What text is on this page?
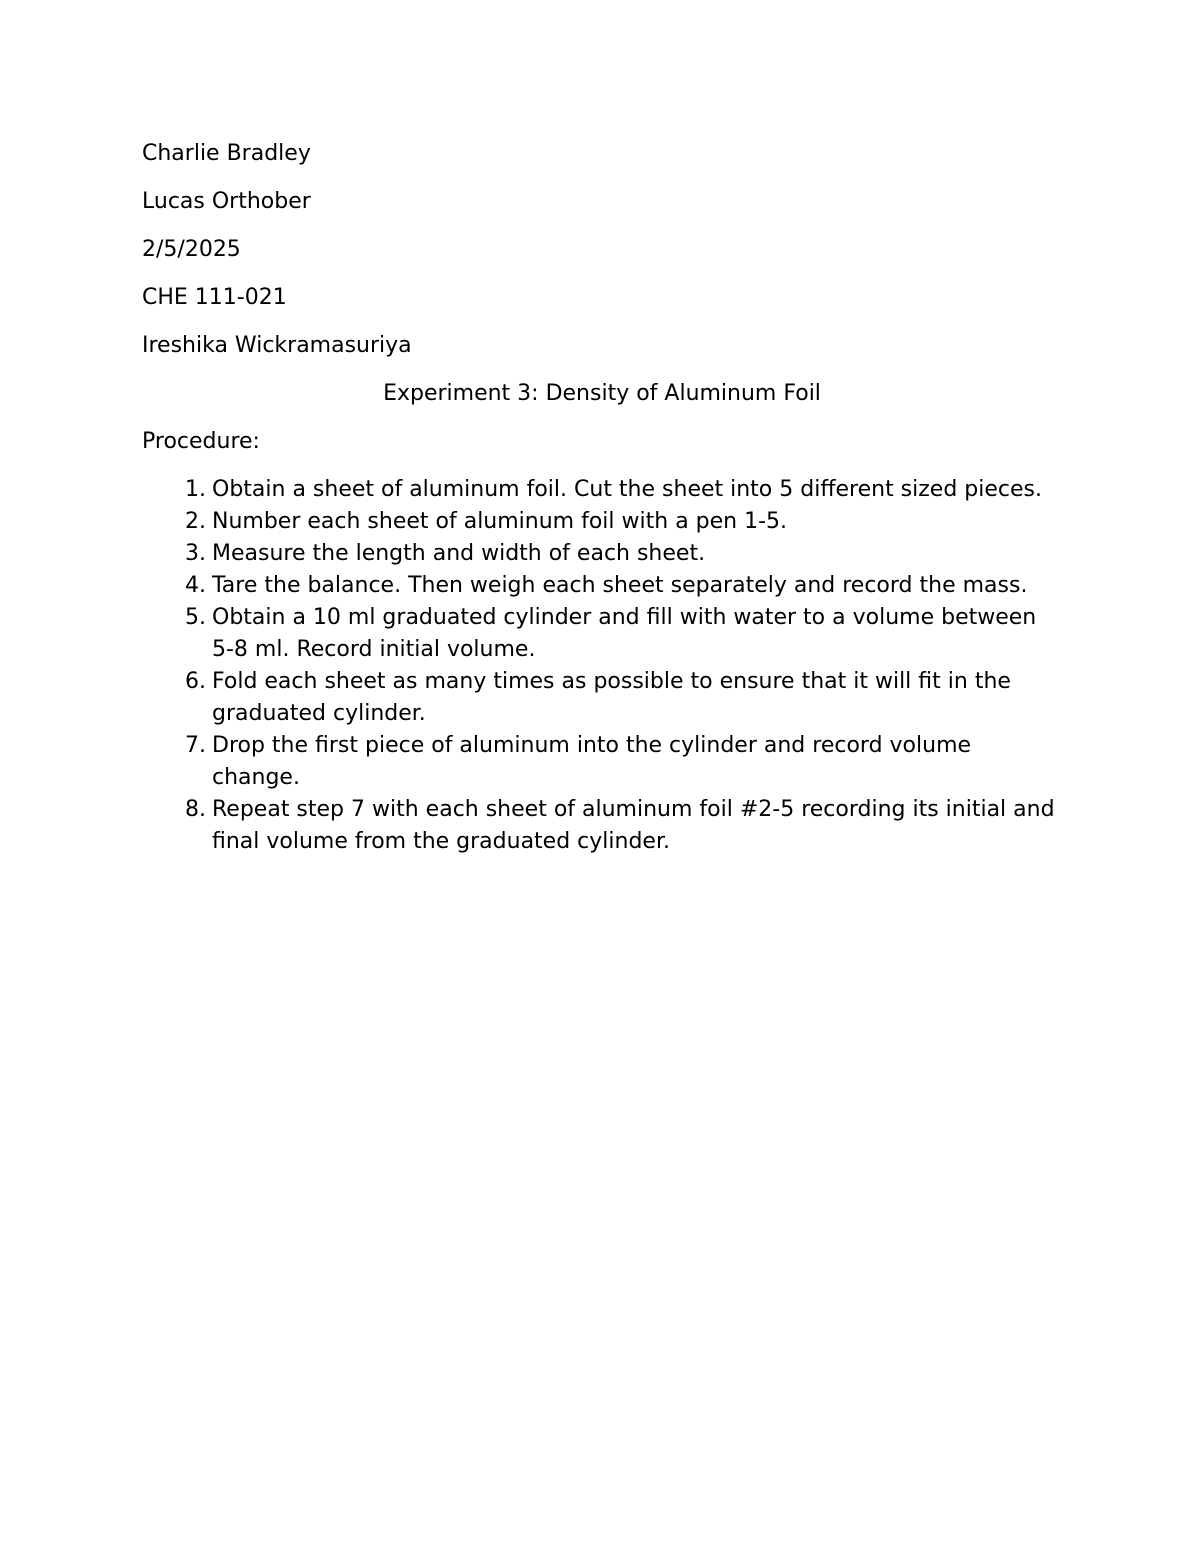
Charlie Bradley
Lucas Orthober
2/5/2025
CHE 111-021
Ireshika Wickramasuriya
Experiment 3: Density of Aluminum Foil
Procedure:
1. Obtain a sheet of aluminum foil. Cut the sheet into 5 different sized pieces.
2. Number each sheet of aluminum foil with a pen 1-5.
3. Measure the length and width of each sheet.
4. Tare the balance. Then weigh each sheet separately and record the mass.
5. Obtain a 10 ml graduated cylinder and fill with water to a volume between 5-8 ml. Record initial volume.
6. Fold each sheet as many times as possible to ensure that it will fit in the graduated cylinder.
7. Drop the first piece of aluminum into the cylinder and record volume change.
8. Repeat step 7 with each sheet of aluminum foil #2-5 recording its initial and final volume from the graduated cylinder.
